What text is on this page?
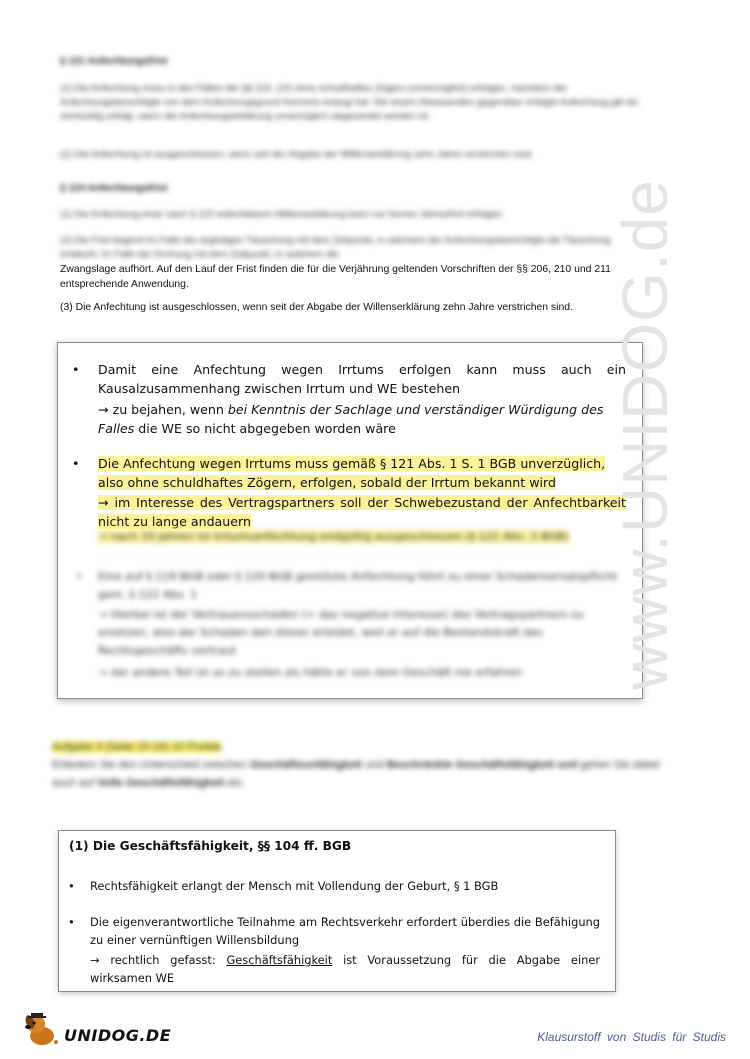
§ 121 Anfechtungsfrist

(1) Die Anfechtung muss in den Fällen der §§ 119, 120 ohne schuldhaftes Zögern (unverzüglich) erfolgen, nachdem der Anfechtungsberechtigte von dem Anfechtungsgrund Kenntnis erlangt hat. Die einem Abwesenden gegenüber erfolgte Anfechtung gilt als rechtzeitig erfolgt, wenn die Anfechtungserklärung unverzüglich abgesendet worden ist.

(2) Die Anfechtung ist ausgeschlossen, wenn seit der Abgabe der Willenserklärung zehn Jahre verstrichen sind.

§ 124 Anfechtungsfrist

(1) Die Anfechtung einer nach § 123 anfechtbaren Willenserklärung kann nur binnen Jahresfrist erfolgen.

(2) Die Frist beginnt im Falle der arglistigen Täuschung mit dem Zeitpunkt, in welchem der Anfechtungsberechtigte die Täuschung entdeckt, im Falle der Drohung mit dem Zeitpunkt, in welchem die

Zwangslage aufhört. Auf den Lauf der Frist finden die für die Verjährung geltenden Vorschriften der §§ 206, 210 und 211 entsprechende Anwendung.

(3) Die Anfechtung ist ausgeschlossen, wenn seit der Abgabe der Willenserklärung zehn Jahre verstrichen sind.

• Damit eine Anfechtung wegen Irrtums erfolgen kann muss auch ein Kausalzusammenhang zwischen Irrtum und WE bestehen
→ zu bejahen, wenn bei Kenntnis der Sachlage und verständiger Würdigung des Falles die WE so nicht abgegeben worden wäre
• Die Anfechtung wegen Irrtums muss gemäß § 121 Abs. 1 S. 1 BGB unverzüglich, also ohne schuldhaftes Zögern, erfolgen, sobald der Irrtum bekannt wird
→ im Interesse des Vertragspartners soll der Schwebezustand der Anfechtbarkeit nicht zu lange andauern
→ nach 10 Jahren ist Irrtumsanfechtung endgültig ausgeschlossen (§ 121 Abs. 2 BGB)
• Eine auf § 119 BGB oder § 120 BGB gestützte Anfechtung führt zu einer Schadensersatzpflicht gem. § 122 Abs. 1
→ Hierbei ist der Vertrauensschaden (= das negative Interesse) des Vertragspartners zu ersetzen, also der Schaden den dieser erleidet, weil er auf die Bestandskraft des Rechtsgeschäfts vertraut
→ der andere Teil ist so zu stellen als hätte er von dem Geschäft nie erfahren
Aufgabe 4 (Seite 15-16) 10 Punkte
Erläutern Sie den Unterschied zwischen Geschäftsunfähigkeit und Beschränkte Geschäftsfähigkeit und gehen Sie dabei auch auf Volle Geschäftsfähigkeit ein.
(1) Die Geschäftsfähigkeit, §§ 104 ff. BGB
• Rechtsfähigkeit erlangt der Mensch mit Vollendung der Geburt, § 1 BGB
• Die eigenverantwortliche Teilnahme am Rechtsverkehr erfordert überdies die Befähigung zu einer vernünftigen Willensbildung
→ rechtlich gefasst: Geschäftsfähigkeit ist Voraussetzung für die Abgabe einer wirksamen WE
www.UNIDOG.de
UNIDOG.DE	Klausurstoff von Studis für Studis
